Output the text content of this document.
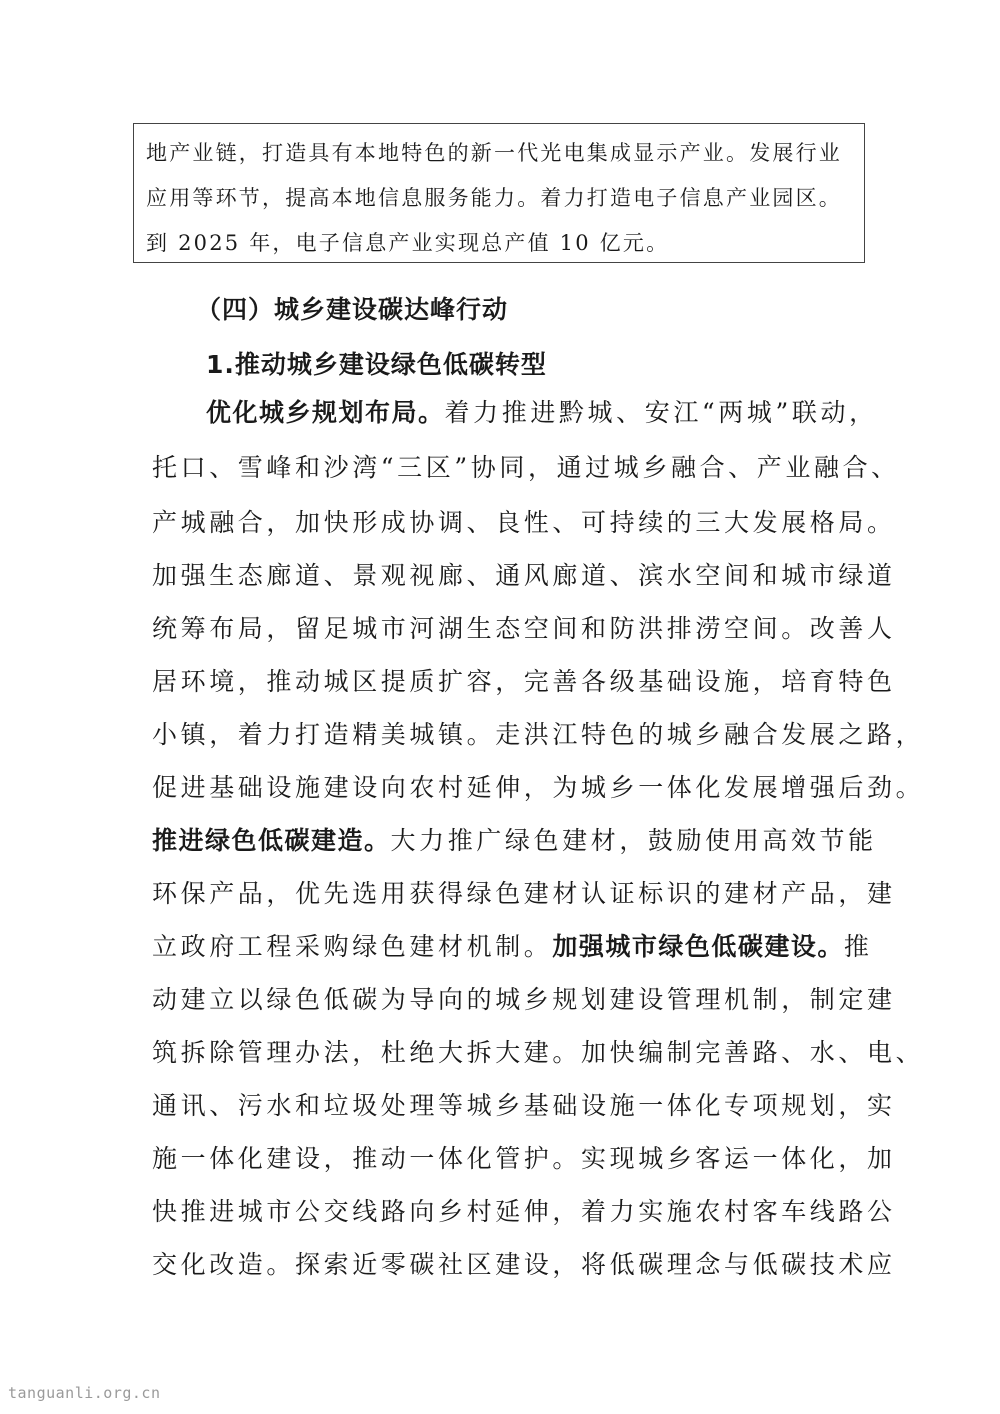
地产业链，打造具有本地特色的新一代光电集成显示产业。发展行业
应用等环节，提高本地信息服务能力。着力打造电子信息产业园区。
到 2025 年，电子信息产业实现总产值 10 亿元。
（四）城乡建设碳达峰行动
1.推动城乡建设绿色低碳转型
优化城乡规划布局。着力推进黔城、安江“两城”联动，
托口、雪峰和沙湾“三区”协同，通过城乡融合、产业融合、
产城融合，加快形成协调、良性、可持续的三大发展格局。
加强生态廊道、景观视廊、通风廊道、滨水空间和城市绿道
统筹布局，留足城市河湖生态空间和防洪排涝空间。改善人
居环境，推动城区提质扩容，完善各级基础设施，培育特色
小镇，着力打造精美城镇。走洪江特色的城乡融合发展之路，
促进基础设施建设向农村延伸，为城乡一体化发展增强后劲。
推进绿色低碳建造。大力推广绿色建材，鼓励使用高效节能
环保产品，优先选用获得绿色建材认证标识的建材产品，建
立政府工程采购绿色建材机制。加强城市绿色低碳建设。推
动建立以绿色低碳为导向的城乡规划建设管理机制，制定建
筑拆除管理办法，杜绝大拆大建。加快编制完善路、水、电、
通讯、污水和垃圾处理等城乡基础设施一体化专项规划，实
施一体化建设，推动一体化管护。实现城乡客运一体化，加
快推进城市公交线路向乡村延伸，着力实施农村客车线路公
交化改造。探索近零碳社区建设，将低碳理念与低碳技术应
tanguanli.org.cn
